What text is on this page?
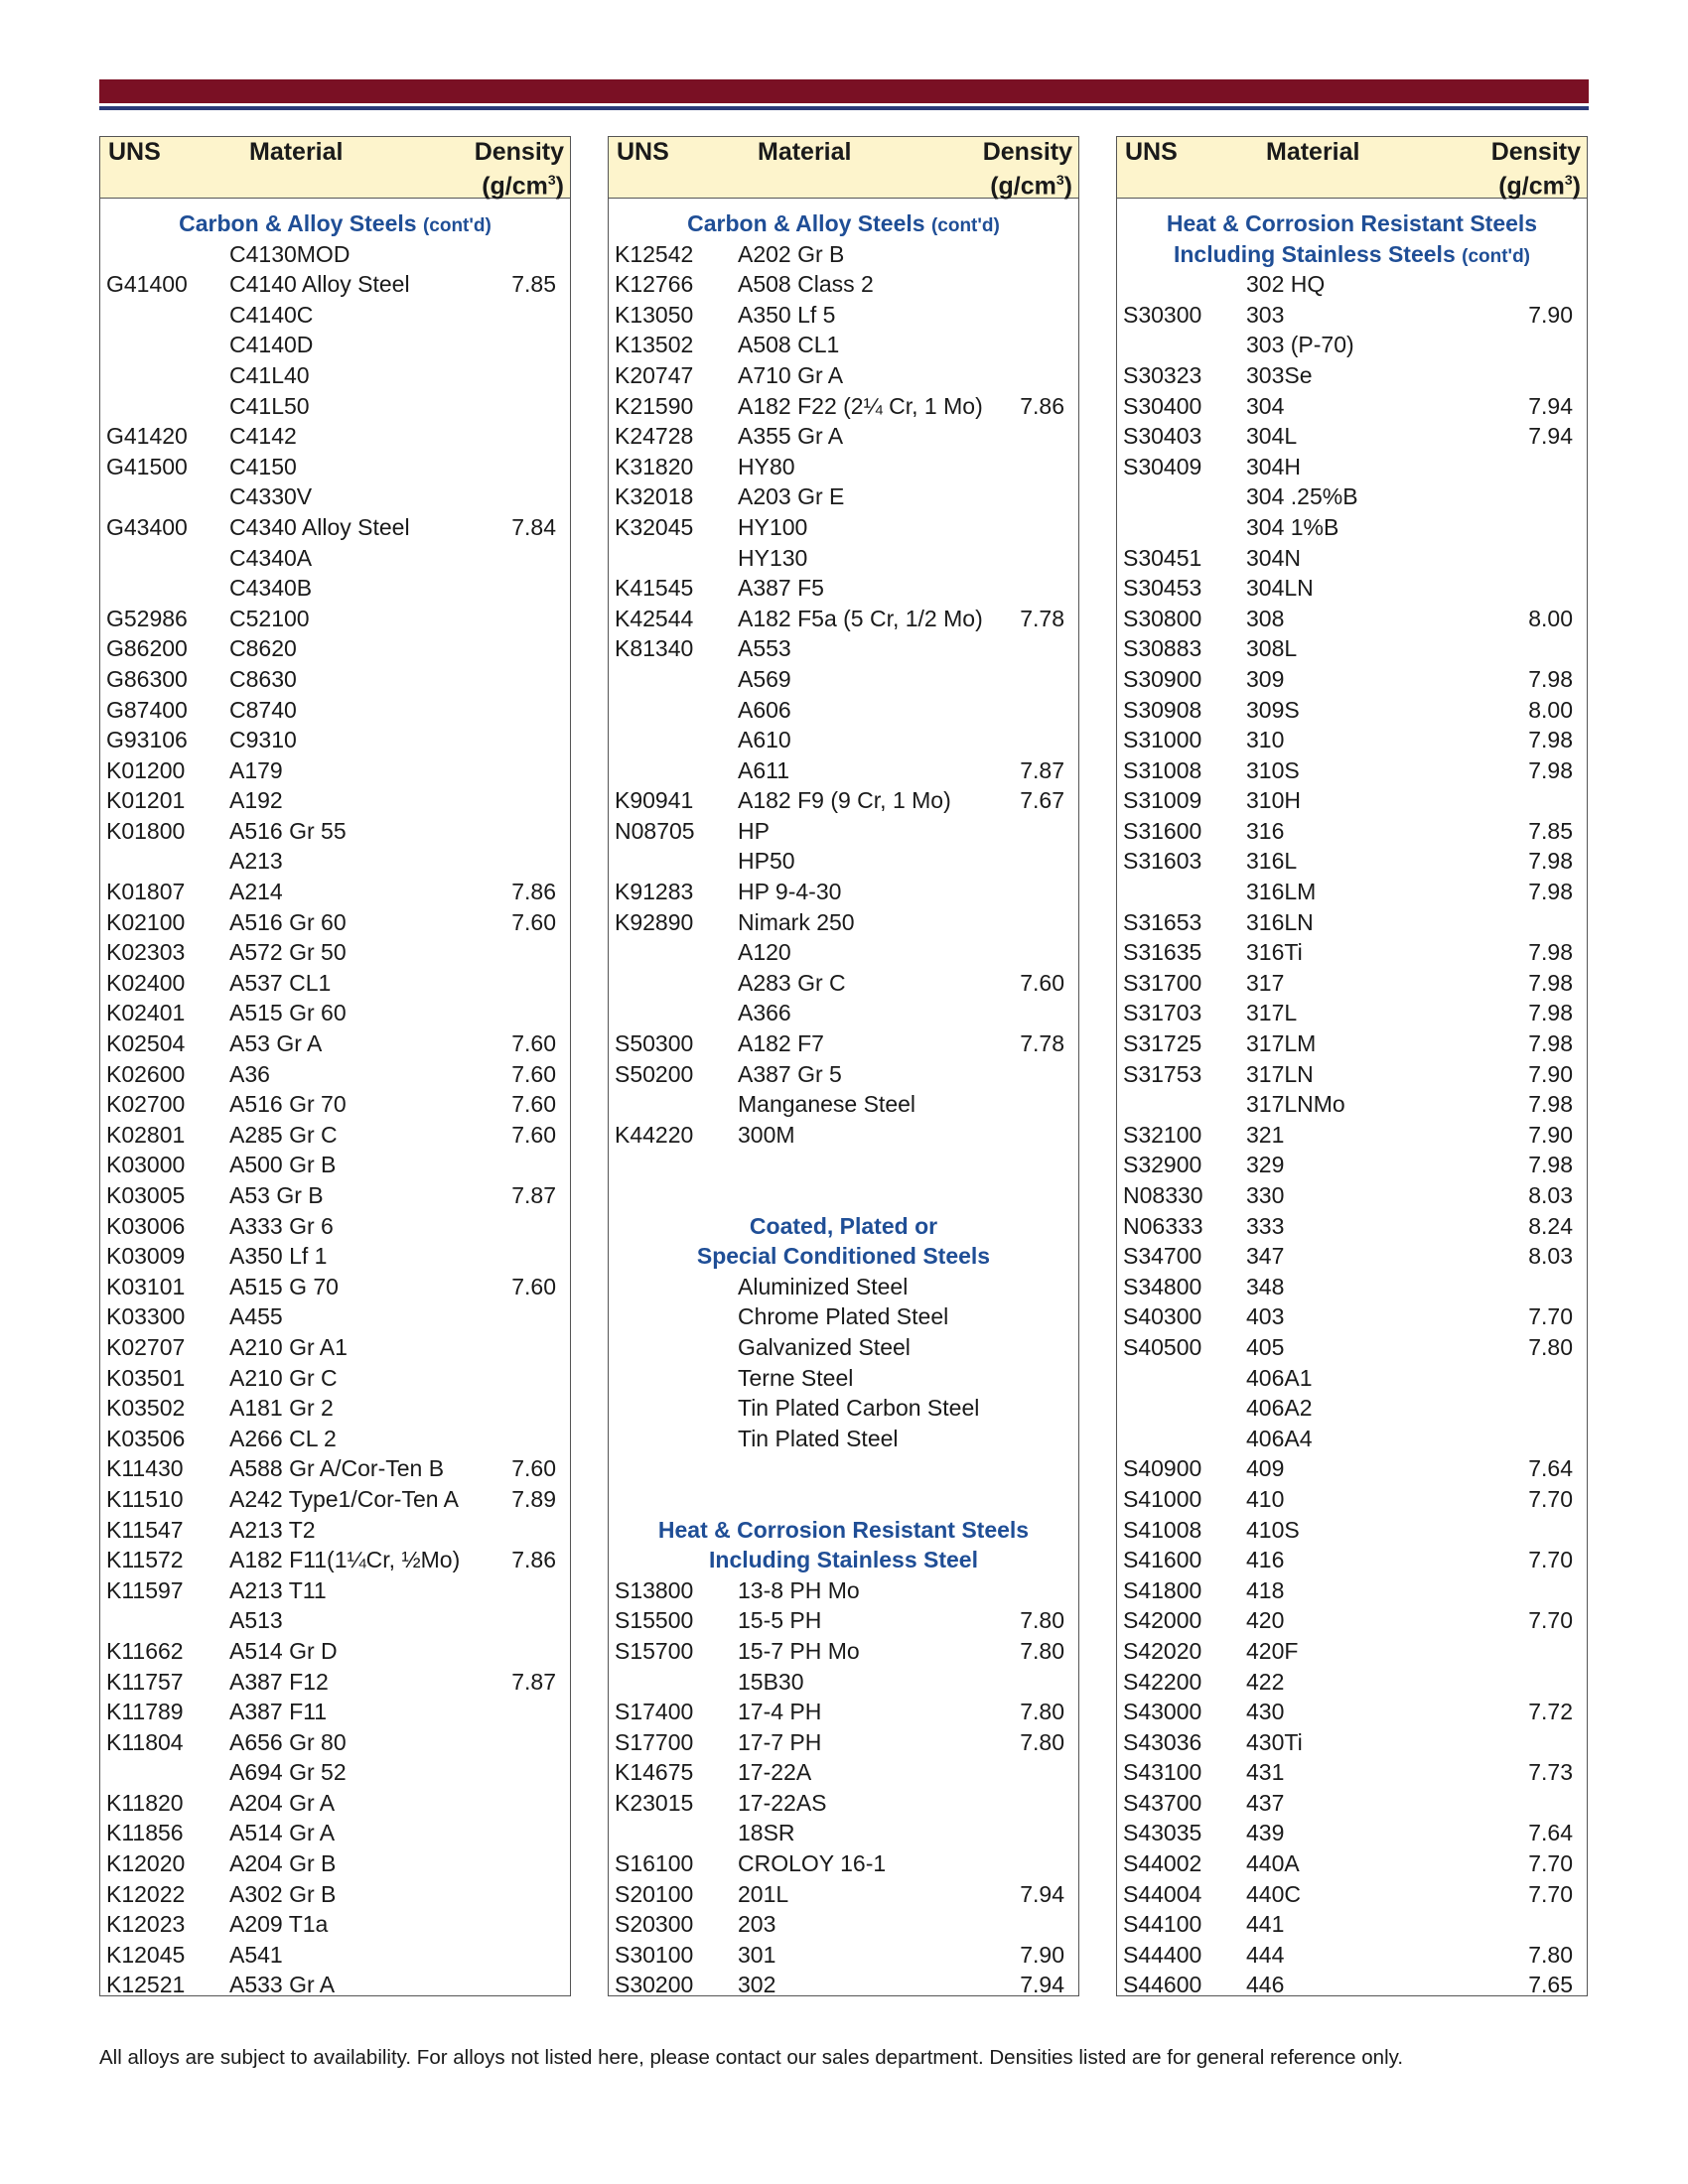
UNS	Material	Density
$(g/cm^3)$
Carbon & Alloy Steels (cont'd)
C4130MOD
G41400 C4140 Alloy Steel	7.85
C4140C
C4140D
C41L40
C41L50
G41420 C4142
G41500 C4150
C4330V
G43400 C4340 Alloy Steel	7.84
C4340A
C4340B
G52986 C52100
G86200 C8620
G86300 C8630
G87400 C8740
G93106 C9310
K01200 A179
K01201 A192
K01800 A516 Gr 55
A213
K01807 A214	7.86
K02100 A516 Gr 60	7.60
K02303 A572 Gr 50
K02400 A537 CL1
K02401 A515 Gr 60
K02504 A53 Gr A	7.60
K02600 A36	7.60
K02700 A516 Gr 70	7.60
K02801 A285 Gr C	7.60
K03000 A500 Gr B
K03005 A53 Gr B	7.87
K03006 A333 Gr 6
K03009 A350 Lf 1
K03101 A515 G 70	7.60
K03300 A455
K02707 A210 Gr A1
K03501 A210 Gr C
K03502 A181 Gr 2
K03506 A266 CL 2
K11430 A588 Gr A/Cor-Ten B	7.60
K11510 A242 Type1/Cor-Ten A 7.89
K11547 A213 T2
K11572 A182 F11(1¼Cr, ½Mo) 7.86
K11597 A213 T11
A513
K11662 A514 Gr D
K11757 A387 F12	7.87
K11789 A387 F11
K11804 A656 Gr 80
A694 Gr 52
K11820 A204 Gr A
K11856 A514 Gr A
K12020 A204 Gr B
K12022 A302 Gr B
K12023 A209 T1a
K12045 A541
K12521 A533 Gr A
UNS	Material	Density
$(g/cm^3)$
Carbon & Alloy Steels (cont'd)
K12542 A202 Gr B
K12766 A508 Class 2
K13050 A350 Lf 5
K13502 A508 CL1
K20747 A710 Gr A
K21590 A182 F22 (2¼ Cr, 1 Mo) 7.86
K24728 A355 Gr A
K31820 HY80
K32018 A203 Gr E
K32045 HY100
HY130
K41545 A387 F5
K42544 A182 F5a (5 Cr, 1/2 Mo) 7.78
K81340 A553
A569
A606
A610
A611	7.87
K90941 A182 F9 (9 Cr, 1 Mo)	7.67
N08705 HP
HP50
K91283 HP 9-4-30
K92890 Nimark 250
A120
A283 Gr C	7.60
A366
S50300 A182 F7	7.78
S50200 A387 Gr 5
Manganese Steel
K44220 300M
Coated, Plated or
Special Conditioned Steels
Aluminized Steel
Chrome Plated Steel
Galvanized Steel
Terne Steel
Tin Plated Carbon Steel
Tin Plated Steel
Heat & Corrosion Resistant Steels
Including Stainless Steel
S13800 13-8 PH Mo
S15500 15-5 PH	7.80
S15700 15-7 PH Mo	7.80
15B30
S17400 17-4 PH	7.80
S17700 17-7 PH	7.80
K14675 17-22A
K23015 17-22AS
18SR
S16100 CROLOY 16-1
S20100 201L	7.94
S20300 203
S30100 301	7.90
S30200 302	7.94
UNS	Material	Density
$(g/cm^3)$
Heat & Corrosion Resistant Steels
Including Stainless Steels (cont'd)
302 HQ
S30300 303	7.90
303 (P-70)
S30323 303Se
S30400 304	7.94
S30403 304L	7.94
S30409 304H
304 .25%B
304 1%B
S30451 304N
S30453 304LN
S30800 308	8.00
S30883 308L
S30900 309	7.98
S30908 309S	8.00
S31000 310	7.98
S31008 310S	7.98
S31009 310H
S31600 316	7.85
S31603 316L	7.98
316LM	7.98
S31653 316LN
S31635 316Ti	7.98
S31700 317	7.98
S31703 317L	7.98
S31725 317LM	7.98
S31753 317LN	7.90
317LNMo	7.98
S32100 321	7.90
S32900 329	7.98
N08330 330	8.03
N06333 333	8.24
S34700 347	8.03
S34800 348
S40300 403	7.70
S40500 405	7.80
406A1
406A2
406A4
S40900 409	7.64
S41000 410	7.70
S41008 410S
S41600 416	7.70
S41800 418
S42000 420	7.70
S42020 420F
S42200 422
S43000 430	7.72
S43036 430Ti
S43100 431	7.73
S43700 437
S43035 439	7.64
S44002 440A	7.70
S44004 440C	7.70
S44100 441
S44400 444	7.80
S44600 446	7.65
All alloys are subject to availability. For alloys not listed here, please contact our sales department. Densities listed are for general reference only.
